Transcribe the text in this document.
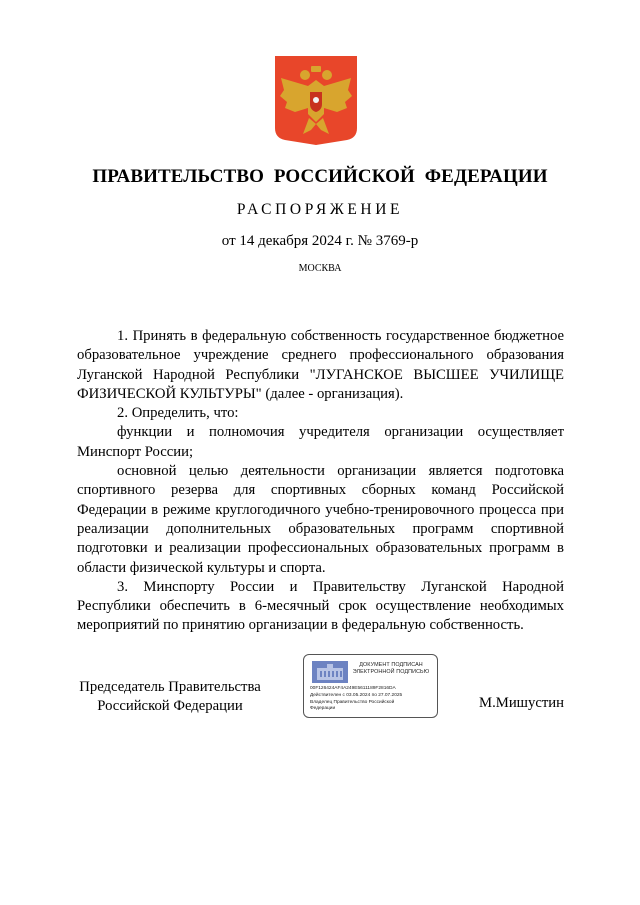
ПРАВИТЕЛЬСТВО РОССИЙСКОЙ ФЕДЕРАЦИИ
РАСПОРЯЖЕНИЕ
от 14 декабря 2024 г. № 3769-р
МОСКВА

1. Принять в федеральную собственность государственное бюджетное образовательное учреждение среднего профессионального образования Луганской Народной Республики "ЛУГАНСКОЕ ВЫСШЕЕ УЧИЛИЩЕ ФИЗИЧЕСКОЙ КУЛЬТУРЫ" (далее - организация).

2. Определить, что:

функции и полномочия учредителя организации осуществляет Минспорт России;

основной целью деятельности организации является подготовка спортивного резерва для спортивных сборных команд Российской Федерации в режиме круглогодичного учебно-тренировочного процесса при реализации дополнительных образовательных программ спортивной подготовки и реализации профессиональных образовательных программ в области физической культуры и спорта.

3. Минспорту России и Правительству Луганской Народной Республики обеспечить в 6-месячный срок осуществление необходимых мероприятий по принятию организации в федеральную собственность.

Председатель Правительства
Российской Федерации
ДОКУМЕНТ ПОДПИСАН
ЭЛЕКТРОННОЙ ПОДПИСЬЮ
00F126424AF4A249E5611189F2816DA
Действителен с 03.05.2024 по 27.07.2025
Владелец Правительство Российской
Федерации	М.Мишустин
